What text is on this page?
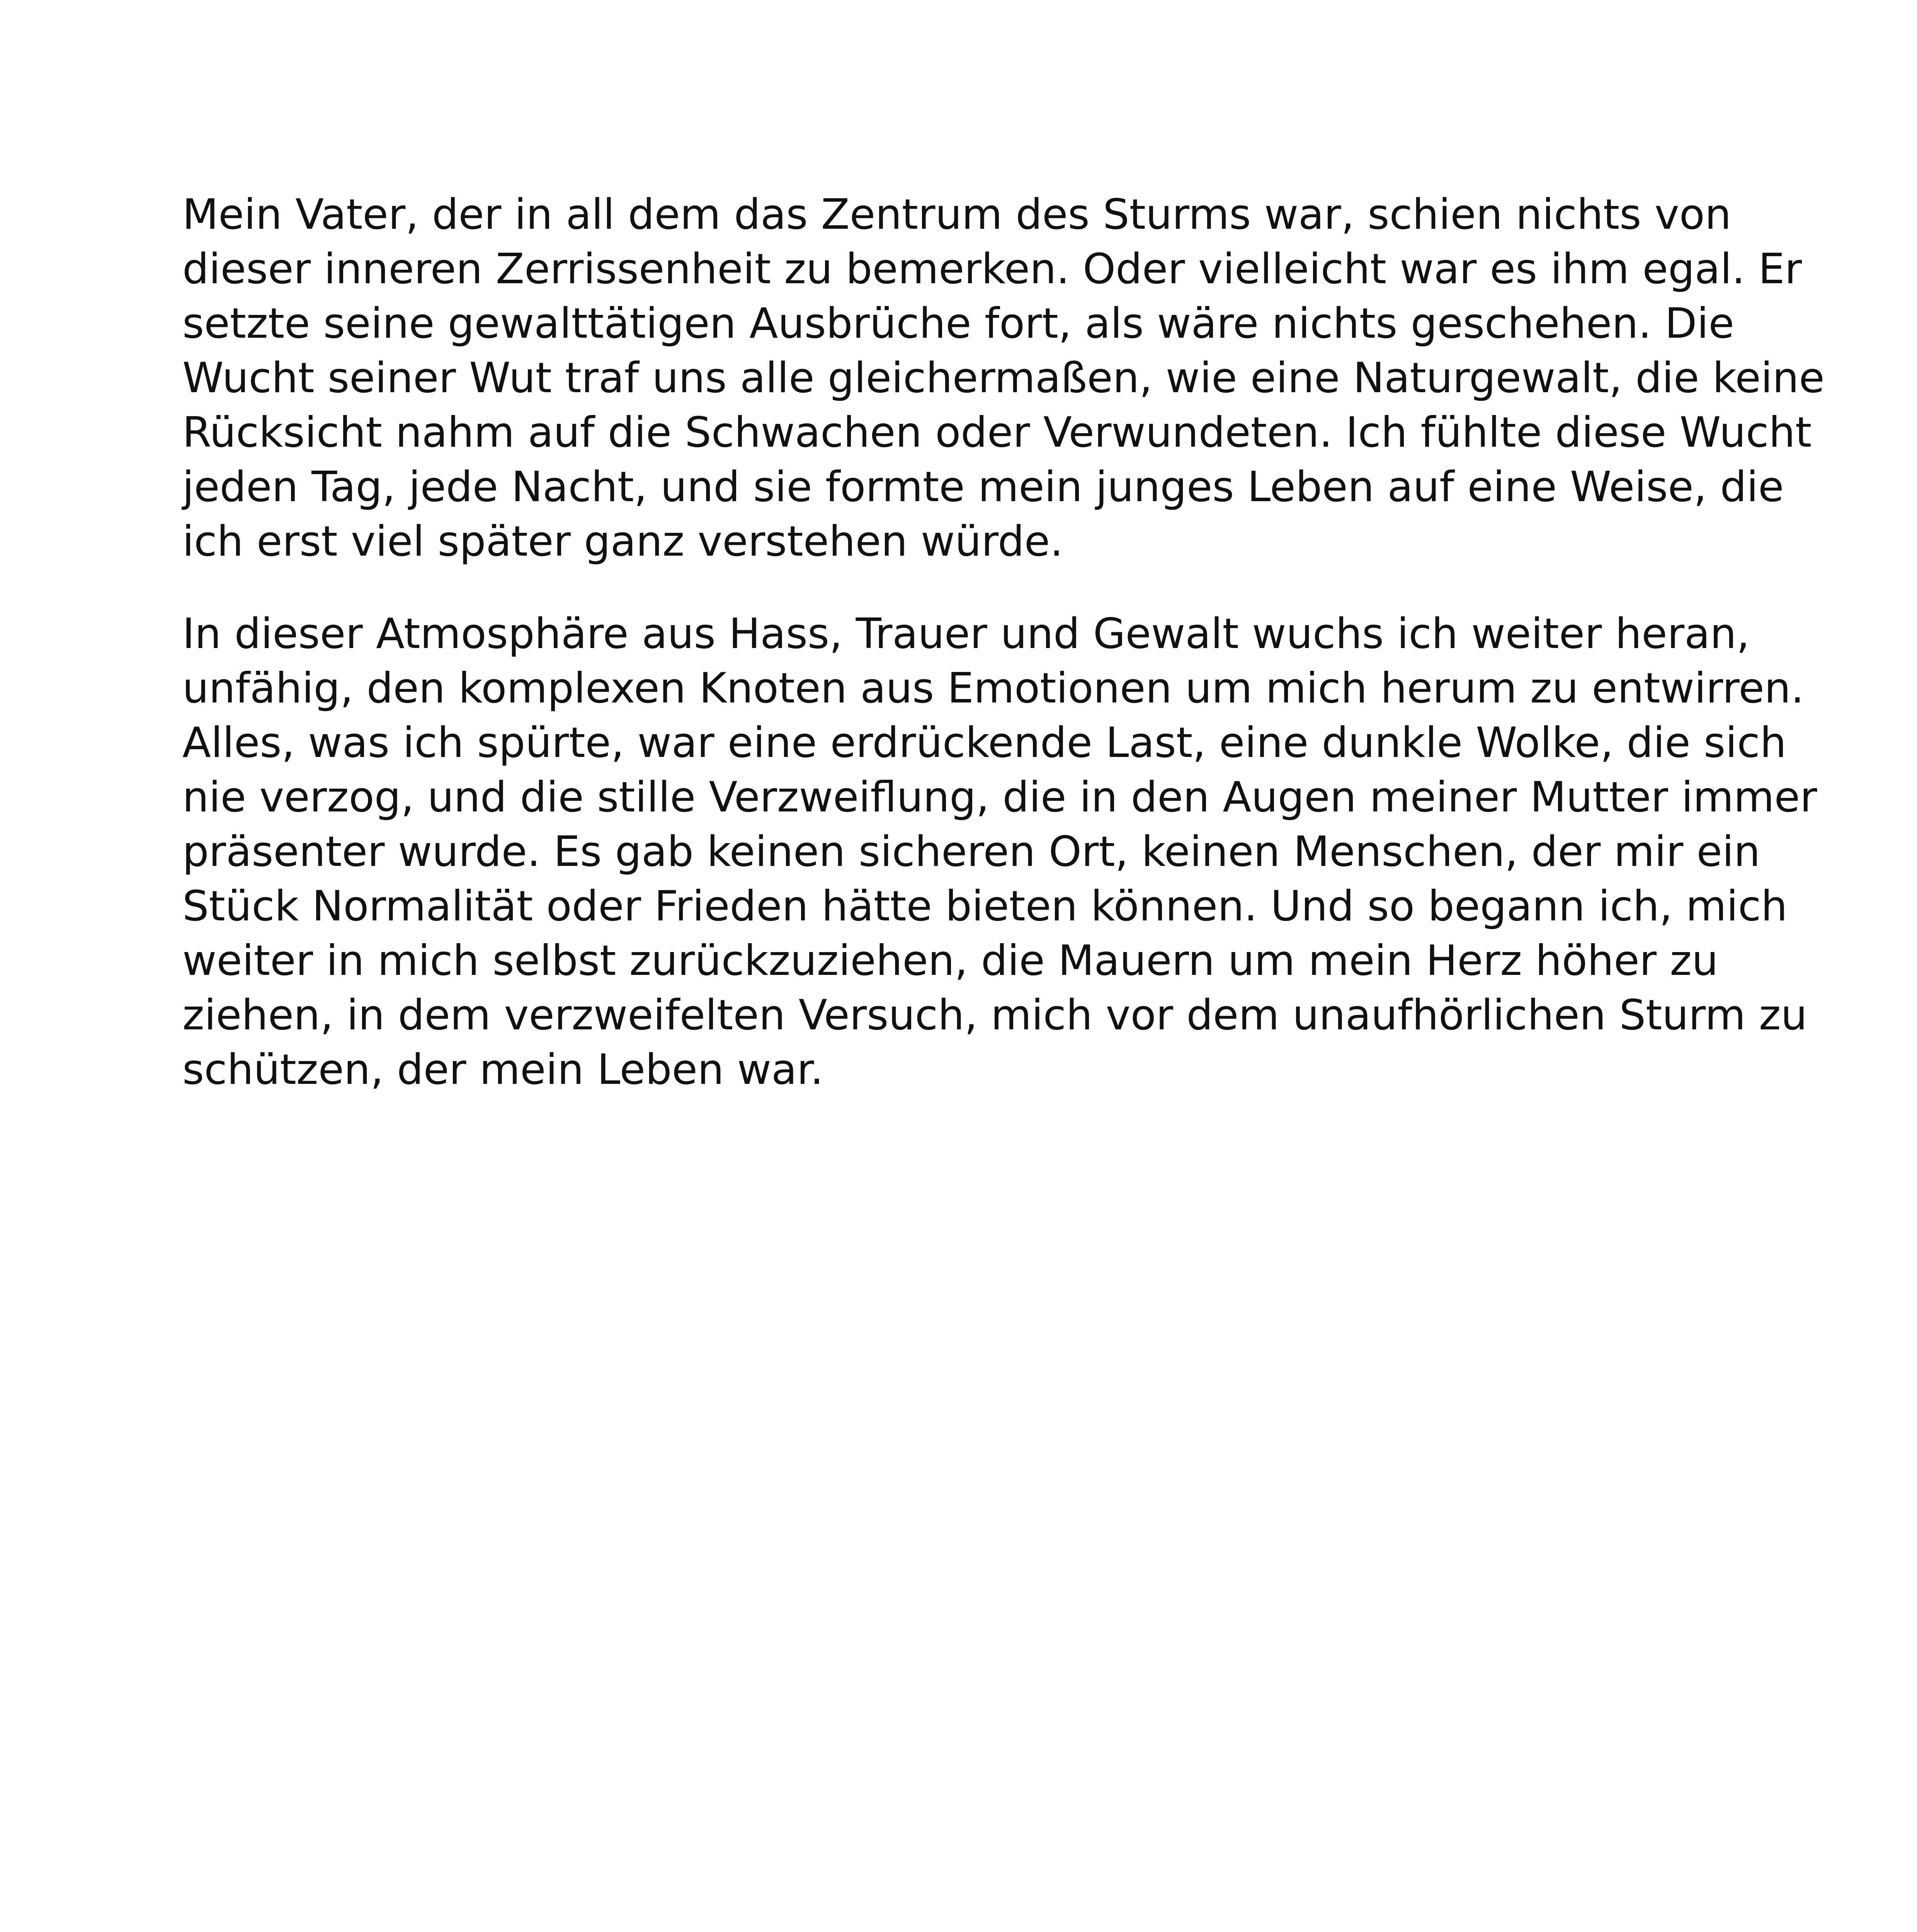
Mein Vater, der in all dem das Zentrum des Sturms war, schien nichts von
dieser inneren Zerrissenheit zu bemerken. Oder vielleicht war es ihm egal. Er
setzte seine gewalttätigen Ausbrüche fort, als wäre nichts geschehen. Die
Wucht seiner Wut traf uns alle gleichermaßen, wie eine Naturgewalt, die keine
Rücksicht nahm auf die Schwachen oder Verwundeten. Ich fühlte diese Wucht
jeden Tag, jede Nacht, und sie formte mein junges Leben auf eine Weise, die
ich erst viel später ganz verstehen würde.

In dieser Atmosphäre aus Hass, Trauer und Gewalt wuchs ich weiter heran,
unfähig, den komplexen Knoten aus Emotionen um mich herum zu entwirren.
Alles, was ich spürte, war eine erdrückende Last, eine dunkle Wolke, die sich
nie verzog, und die stille Verzweiflung, die in den Augen meiner Mutter immer
präsenter wurde. Es gab keinen sicheren Ort, keinen Menschen, der mir ein
Stück Normalität oder Frieden hätte bieten können. Und so begann ich, mich
weiter in mich selbst zurückzuziehen, die Mauern um mein Herz höher zu
ziehen, in dem verzweifelten Versuch, mich vor dem unaufhörlichen Sturm zu
schützen, der mein Leben war.
